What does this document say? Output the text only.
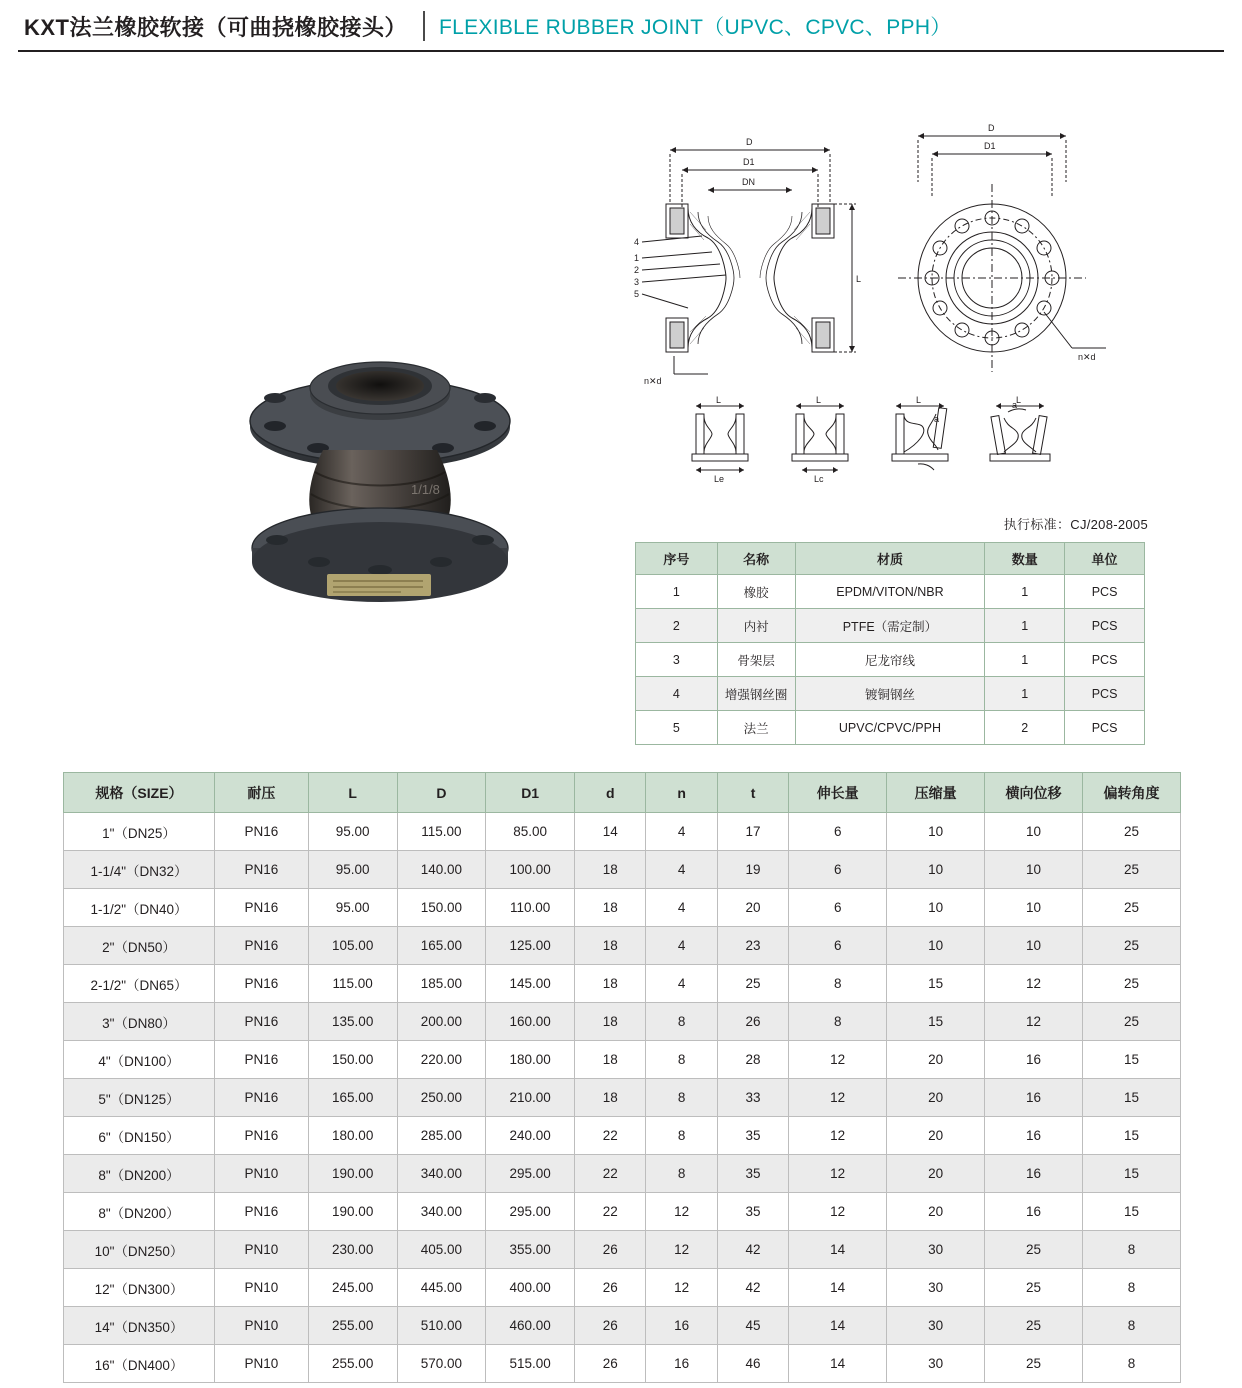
KXT法兰橡胶软接（可曲挠橡胶接头） FLEXIBLE RUBBER JOINT（UPVC、CPVC、PPH）
1/1/8
D
D1
DN
4
1
2
3
5
L
n✕d
D
D1
n✕d
L
Le
L
Lc
L
a
L
a
执行标准：CJ/208-2005
序号	名称	材质	数量	单位
1	橡胶	EPDM/VITON/NBR	1	PCS
2	内衬	PTFE（需定制）	1	PCS
3	骨架层	尼龙帘线	1	PCS
4	增强钢丝圈	镀铜钢丝	1	PCS
5	法兰	UPVC/CPVC/PPH	2	PCS
规格（SIZE）	耐压	L	D	D1	d	n	t	伸长量	压缩量	横向位移	偏转角度
1"（DN25）	PN16	95.00	115.00	85.00	14	4	17	6	10	10	25
1-1/4"（DN32）	PN16	95.00	140.00	100.00	18	4	19	6	10	10	25
1-1/2"（DN40）	PN16	95.00	150.00	110.00	18	4	20	6	10	10	25
2"（DN50）	PN16	105.00	165.00	125.00	18	4	23	6	10	10	25
2-1/2"（DN65）	PN16	115.00	185.00	145.00	18	4	25	8	15	12	25
3"（DN80）	PN16	135.00	200.00	160.00	18	8	26	8	15	12	25
4"（DN100）	PN16	150.00	220.00	180.00	18	8	28	12	20	16	15
5"（DN125）	PN16	165.00	250.00	210.00	18	8	33	12	20	16	15
6"（DN150）	PN16	180.00	285.00	240.00	22	8	35	12	20	16	15
8"（DN200）	PN10	190.00	340.00	295.00	22	8	35	12	20	16	15
8"（DN200）	PN16	190.00	340.00	295.00	22	12	35	12	20	16	15
10"（DN250）	PN10	230.00	405.00	355.00	26	12	42	14	30	25	8
12"（DN300）	PN10	245.00	445.00	400.00	26	12	42	14	30	25	8
14"（DN350）	PN10	255.00	510.00	460.00	26	16	45	14	30	25	8
16"（DN400）	PN10	255.00	570.00	515.00	26	16	46	14	30	25	8
